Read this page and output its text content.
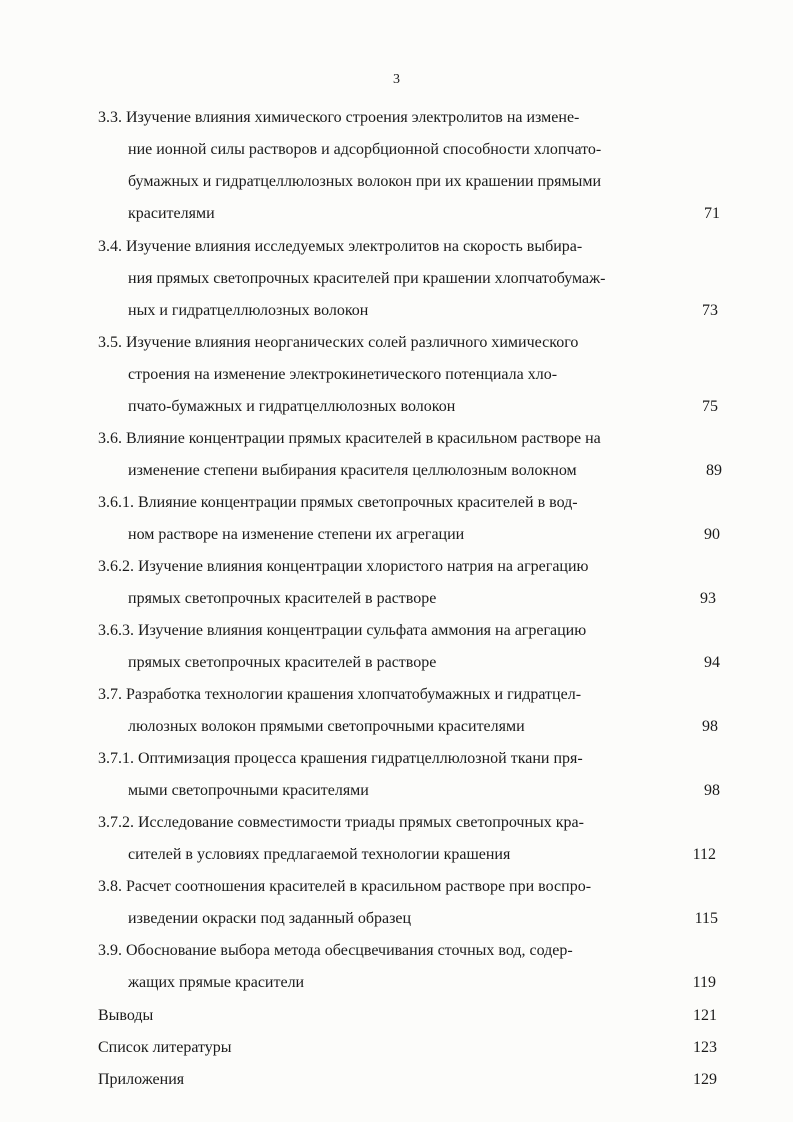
3
3.3. Изучение влияния химического строения электролитов на измене-
ние ионной силы растворов и адсорбционной способности хлопчато-
бумажных и гидратцеллюлозных волокон при их крашении прямыми
красителями	71
3.4. Изучение влияния исследуемых электролитов на скорость выбира-
ния прямых светопрочных красителей при крашении хлопчатобумаж-
ных и гидратцеллюлозных волокон	73
3.5. Изучение влияния неорганических солей различного химического
строения на изменение электрокинетического потенциала хло-
пчато-бумажных и гидратцеллюлозных волокон	75
3.6. Влияние концентрации прямых красителей в красильном растворе на
изменение степени выбирания красителя целлюлозным волокном	89
3.6.1. Влияние концентрации прямых светопрочных красителей в вод-
ном растворе на изменение степени их агрегации	90
3.6.2. Изучение влияния концентрации хлористого натрия на агрегацию
прямых светопрочных красителей в растворе	93
3.6.3. Изучение влияния концентрации сульфата аммония на агрегацию
прямых светопрочных красителей в растворе	94
3.7. Разработка технологии крашения хлопчатобумажных и гидратцел-
люлозных волокон прямыми светопрочными красителями	98
3.7.1. Оптимизация процесса крашения гидратцеллюлозной ткани пря-
мыми светопрочными красителями	98
3.7.2. Исследование совместимости триады прямых светопрочных кра-
сителей в условиях предлагаемой технологии крашения	112
3.8. Расчет соотношения красителей в красильном растворе при воспро-
изведении окраски под заданный образец	115
3.9. Обоснование выбора метода обесцвечивания сточных вод, содер-
жащих прямые красители	119
Выводы	121
Список литературы	123
Приложения	129
